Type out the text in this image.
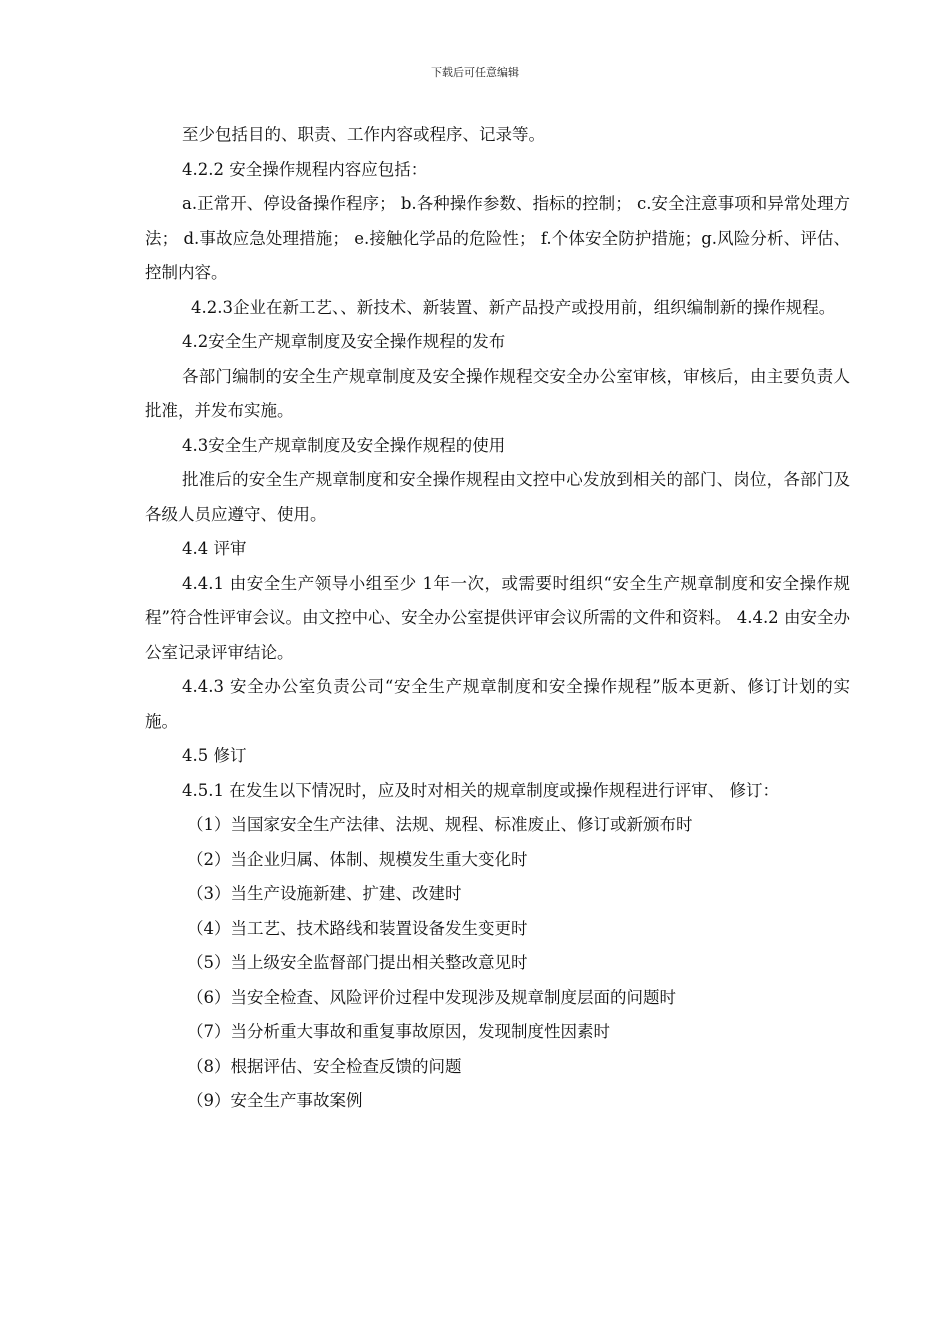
下载后可任意编辑

至少包括目的、职责、工作内容或程序、记录等。

4.2.2 安全操作规程内容应包括：

a.正常开、停设备操作程序； b.各种操作参数、指标的控制； c.安全注意事项和异常处理方法； d.事故应急处理措施； e.接触化学品的危险性； f.个体安全防护措施；g.风险分析、评估、控制内容。

4.2.3企业在新工艺、、新技术、新装置、新产品投产或投用前，组织编制新的操作规程。

4.2安全生产规章制度及安全操作规程的发布

各部门编制的安全生产规章制度及安全操作规程交安全办公室审核，审核后，由主要负责人批准，并发布实施。

4.3安全生产规章制度及安全操作规程的使用

批准后的安全生产规章制度和安全操作规程由文控中心发放到相关的部门、岗位，各部门及各级人员应遵守、使用。

4.4 评审

4.4.1 由安全生产领导小组至少 1年一次，或需要时组织“安全生产规章制度和安全操作规程”符合性评审会议。由文控中心、安全办公室提供评审会议所需的文件和资料。 4.4.2 由安全办公室记录评审结论。

4.4.3 安全办公室负责公司“安全生产规章制度和安全操作规程”版本更新、修订计划的实施。

4.5 修订

4.5.1 在发生以下情况时，应及时对相关的规章制度或操作规程进行评审、 修订：

（1）当国家安全生产法律、法规、规程、标准废止、修订或新颁布时

（2）当企业归属、体制、规模发生重大变化时

（3）当生产设施新建、扩建、改建时

（4）当工艺、技术路线和装置设备发生变更时

（5）当上级安全监督部门提出相关整改意见时

（6）当安全检查、风险评价过程中发现涉及规章制度层面的问题时

（7）当分析重大事故和重复事故原因，发现制度性因素时

（8）根据评估、安全检查反馈的问题

（9）安全生产事故案例
